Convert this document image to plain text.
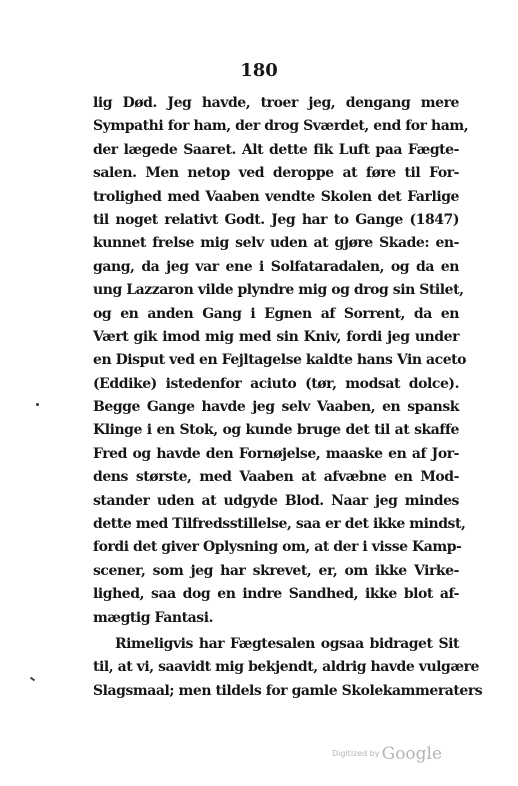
180
lig Død. Jeg havde, troer jeg, dengang mere
Sympathi for ham, der drog Sværdet, end for ham,
der lægede Saaret. Alt dette fik Luft paa Fægte-
salen. Men netop ved deroppe at føre til For-
trolighed med Vaaben vendte Skolen det Farlige
til noget relativt Godt. Jeg har to Gange (1847)
kunnet frelse mig selv uden at gjøre Skade: en-
gang, da jeg var ene i Solfataradalen, og da en
ung Lazzaron vilde plyndre mig og drog sin Stilet,
og en anden Gang i Egnen af Sorrent, da en
Vært gik imod mig med sin Kniv, fordi jeg under
en Disput ved en Fejltagelse kaldte hans Vin aceto
(Eddike) istedenfor aciuto (tør, modsat dolce).
Begge Gange havde jeg selv Vaaben, en spansk
Klinge i en Stok, og kunde bruge det til at skaffe
Fred og havde den Fornøjelse, maaske en af Jor-
dens største, med Vaaben at afvæbne en Mod-
stander uden at udgyde Blod. Naar jeg mindes
dette med Tilfredsstillelse, saa er det ikke mindst,
fordi det giver Oplysning om, at der i visse Kamp-
scener, som jeg har skrevet, er, om ikke Virke-
lighed, saa dog en indre Sandhed, ikke blot af-
mægtig Fantasi.
Rimeligvis har Fægtesalen ogsaa bidraget Sit
til, at vi, saavidt mig bekjendt, aldrig havde vulgære
Slagsmaal; men tildels for gamle Skolekammeraters
Digitized by Google
